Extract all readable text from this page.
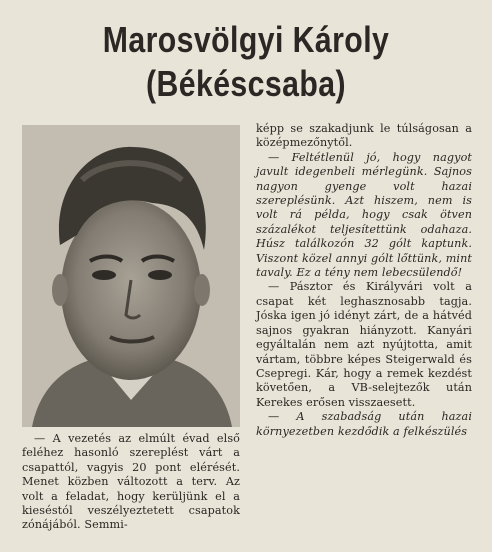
Marosvölgyi Károly
(Békéscsaba)

— A vezetés az elmúlt évad első feléhez hasonló szereplést várt a csapattól, vagyis 20 pont elérését. Menet közben változott a terv. Az volt a feladat, hogy kerüljünk el a kieséstól veszélyeztetett csapatok zónájából. Semmi-

képp se szakadjunk le túlságosan a középmezőnytől.

— Feltétlenül jó, hogy nagyot javult idegenbeli mérlegünk. Sajnos nagyon gyenge volt hazai szereplésünk. Azt hiszem, nem is volt rá példa, hogy csak ötven százalékot teljesítettünk odahaza. Húsz találkozón 32 gólt kaptunk. Viszont közel annyi gólt lőttünk, mint tavaly. Ez a tény nem lebecsülendő!

— Pásztor és Királyvári volt a csapat két leghasznosabb tagja. Jóska igen jó idényt zárt, de a hátvéd sajnos gyakran hiányzott. Kanyári egyáltalán nem azt nyújtotta, amit vártam, többre képes Steigerwald és Csepregi. Kár, hogy a remek kezdést követően, a VB-selejtezők után Kerekes erősen visszaesett.

— A szabadság után hazai környezetben kezdődik a felkészülés
